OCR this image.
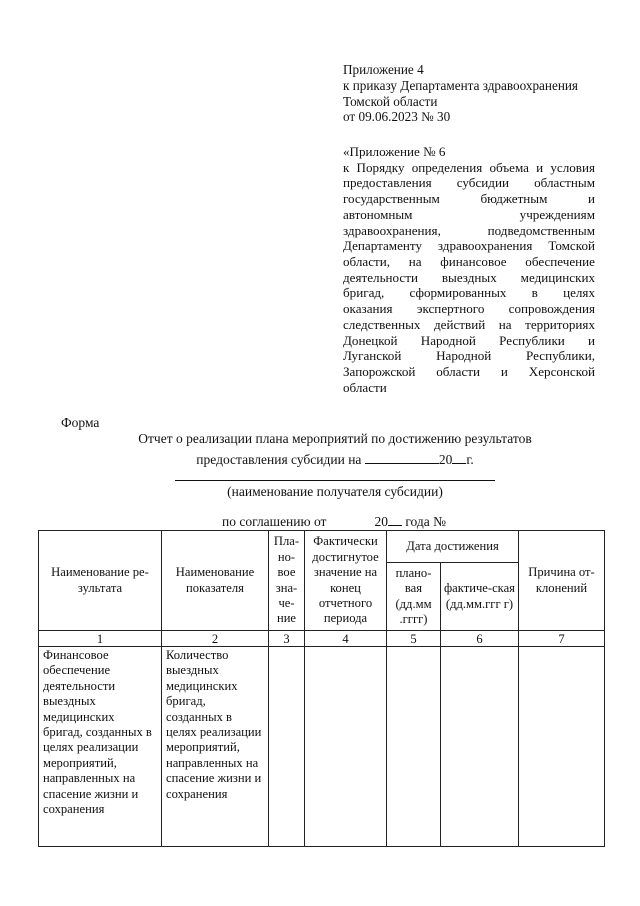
Приложение 4
к приказу Департамента здравоохранения
Томской области
от 09.06.2023 № 30
«Приложение № 6
к Порядку определения объема и условия
предоставления субсидии областным
государственным бюджетным и
автономным учреждениям
здравоохранения, подведомственным
Департаменту здравоохранения Томской
области, на финансовое обеспечение
деятельности выездных медицинских
бригад, сформированных в целях
оказания экспертного сопровождения
следственных действий на территориях
Донецкой Народной Республики и
Луганской Народной Республики,
Запорожской области и Херсонской
области
Форма
Отчет о реализации плана мероприятий по достижению результатов
предоставления субсидии на	20 г.
(наименование получателя субсидии)
по соглашению от	20 года №
Наименование ре-зультата	Наименование показателя	Пла-но-вое зна-че-ние	Фактически достигнутое значение на конец отчетного периода	Дата достижения		Причина от-клонений
				плано-вая (дд.мм .гггг)	фактиче-ская (дд.мм.ггг г)	
1	2	3	4	5	6	7
Финансовое обеспечение деятельности выездных медицинских бригад, созданных в целях реализации мероприятий, направленных на спасение жизни и сохранения	Количество выездных медицинских бригад, созданных в целях реализации мероприятий, направленных на спасение жизни и сохранения					
